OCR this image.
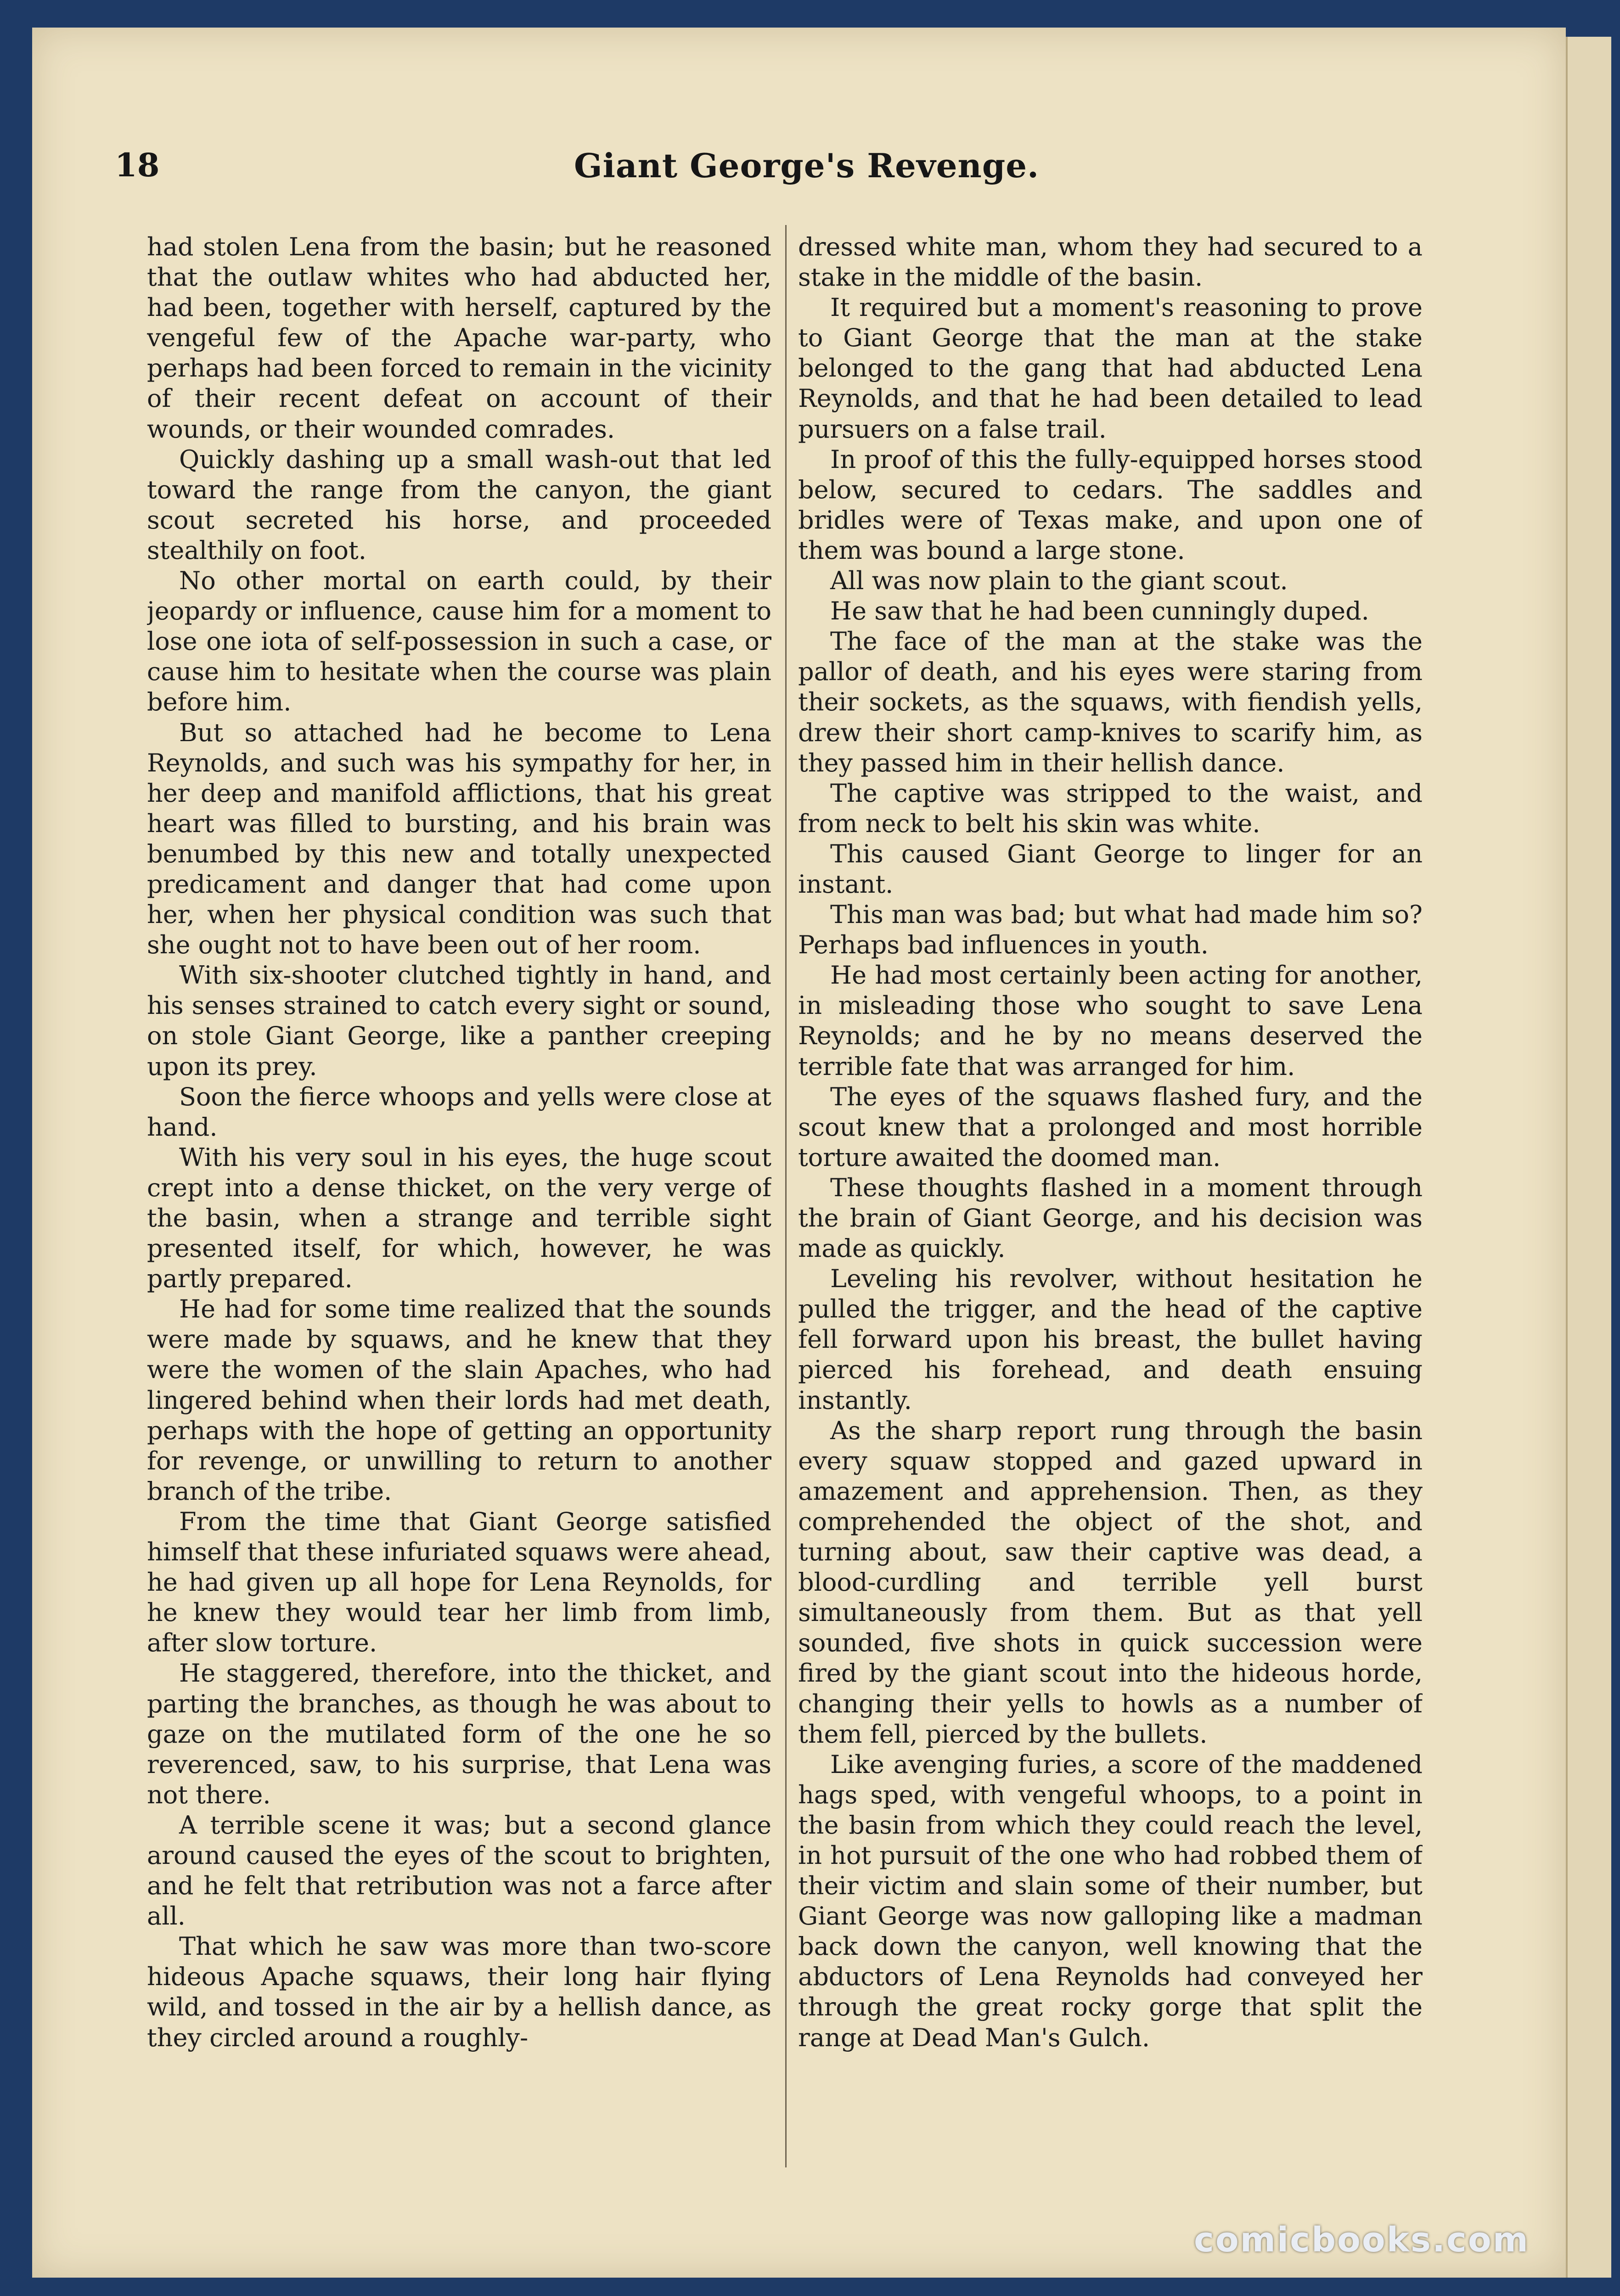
18	Giant George's Revenge.

had stolen Lena from the basin; but he reasoned that the outlaw whites who had abducted her, had been, together with herself, captured by the vengeful few of the Apache war-party, who perhaps had been forced to remain in the vicinity of their recent defeat on account of their wounds, or their wounded comrades.

Quickly dashing up a small wash-out that led toward the range from the canyon, the giant scout secreted his horse, and proceeded stealthily on foot.

No other mortal on earth could, by their jeopardy or influence, cause him for a moment to lose one iota of self-possession in such a case, or cause him to hesitate when the course was plain before him.

But so attached had he become to Lena Reynolds, and such was his sympathy for her, in her deep and manifold afflictions, that his great heart was filled to bursting, and his brain was benumbed by this new and totally unexpected predicament and danger that had come upon her, when her physical condition was such that she ought not to have been out of her room.

With six-shooter clutched tightly in hand, and his senses strained to catch every sight or sound, on stole Giant George, like a panther creeping upon its prey.

Soon the fierce whoops and yells were close at hand.

With his very soul in his eyes, the huge scout crept into a dense thicket, on the very verge of the basin, when a strange and terrible sight presented itself, for which, however, he was partly prepared.

He had for some time realized that the sounds were made by squaws, and he knew that they were the women of the slain Apaches, who had lingered behind when their lords had met death, perhaps with the hope of getting an opportunity for revenge, or unwilling to return to another branch of the tribe.

From the time that Giant George satisfied himself that these infuriated squaws were ahead, he had given up all hope for Lena Reynolds, for he knew they would tear her limb from limb, after slow torture.

He staggered, therefore, into the thicket, and parting the branches, as though he was about to gaze on the mutilated form of the one he so reverenced, saw, to his surprise, that Lena was not there.

A terrible scene it was; but a second glance around caused the eyes of the scout to brighten, and he felt that retribution was not a farce after all.

That which he saw was more than two-score hideous Apache squaws, their long hair flying wild, and tossed in the air by a hellish dance, as they circled around a roughly-

dressed white man, whom they had secured to a stake in the middle of the basin.

It required but a moment's reasoning to prove to Giant George that the man at the stake belonged to the gang that had abducted Lena Reynolds, and that he had been detailed to lead pursuers on a false trail.

In proof of this the fully-equipped horses stood below, secured to cedars. The saddles and bridles were of Texas make, and upon one of them was bound a large stone.

All was now plain to the giant scout.

He saw that he had been cunningly duped.

The face of the man at the stake was the pallor of death, and his eyes were staring from their sockets, as the squaws, with fiendish yells, drew their short camp-knives to scarify him, as they passed him in their hellish dance.

The captive was stripped to the waist, and from neck to belt his skin was white.

This caused Giant George to linger for an instant.

This man was bad; but what had made him so? Perhaps bad influences in youth.

He had most certainly been acting for another, in misleading those who sought to save Lena Reynolds; and he by no means deserved the terrible fate that was arranged for him.

The eyes of the squaws flashed fury, and the scout knew that a prolonged and most horrible torture awaited the doomed man.

These thoughts flashed in a moment through the brain of Giant George, and his decision was made as quickly.

Leveling his revolver, without hesitation he pulled the trigger, and the head of the captive fell forward upon his breast, the bullet having pierced his forehead, and death ensuing instantly.

As the sharp report rung through the basin every squaw stopped and gazed upward in amazement and apprehension. Then, as they comprehended the object of the shot, and turning about, saw their captive was dead, a blood-curdling and terrible yell burst simultaneously from them. But as that yell sounded, five shots in quick succession were fired by the giant scout into the hideous horde, changing their yells to howls as a number of them fell, pierced by the bullets.

Like avenging furies, a score of the maddened hags sped, with vengeful whoops, to a point in the basin from which they could reach the level, in hot pursuit of the one who had robbed them of their victim and slain some of their number, but Giant George was now galloping like a madman back down the canyon, well knowing that the abductors of Lena Reynolds had conveyed her through the great rocky gorge that split the range at Dead Man's Gulch.

comicbooks.com
